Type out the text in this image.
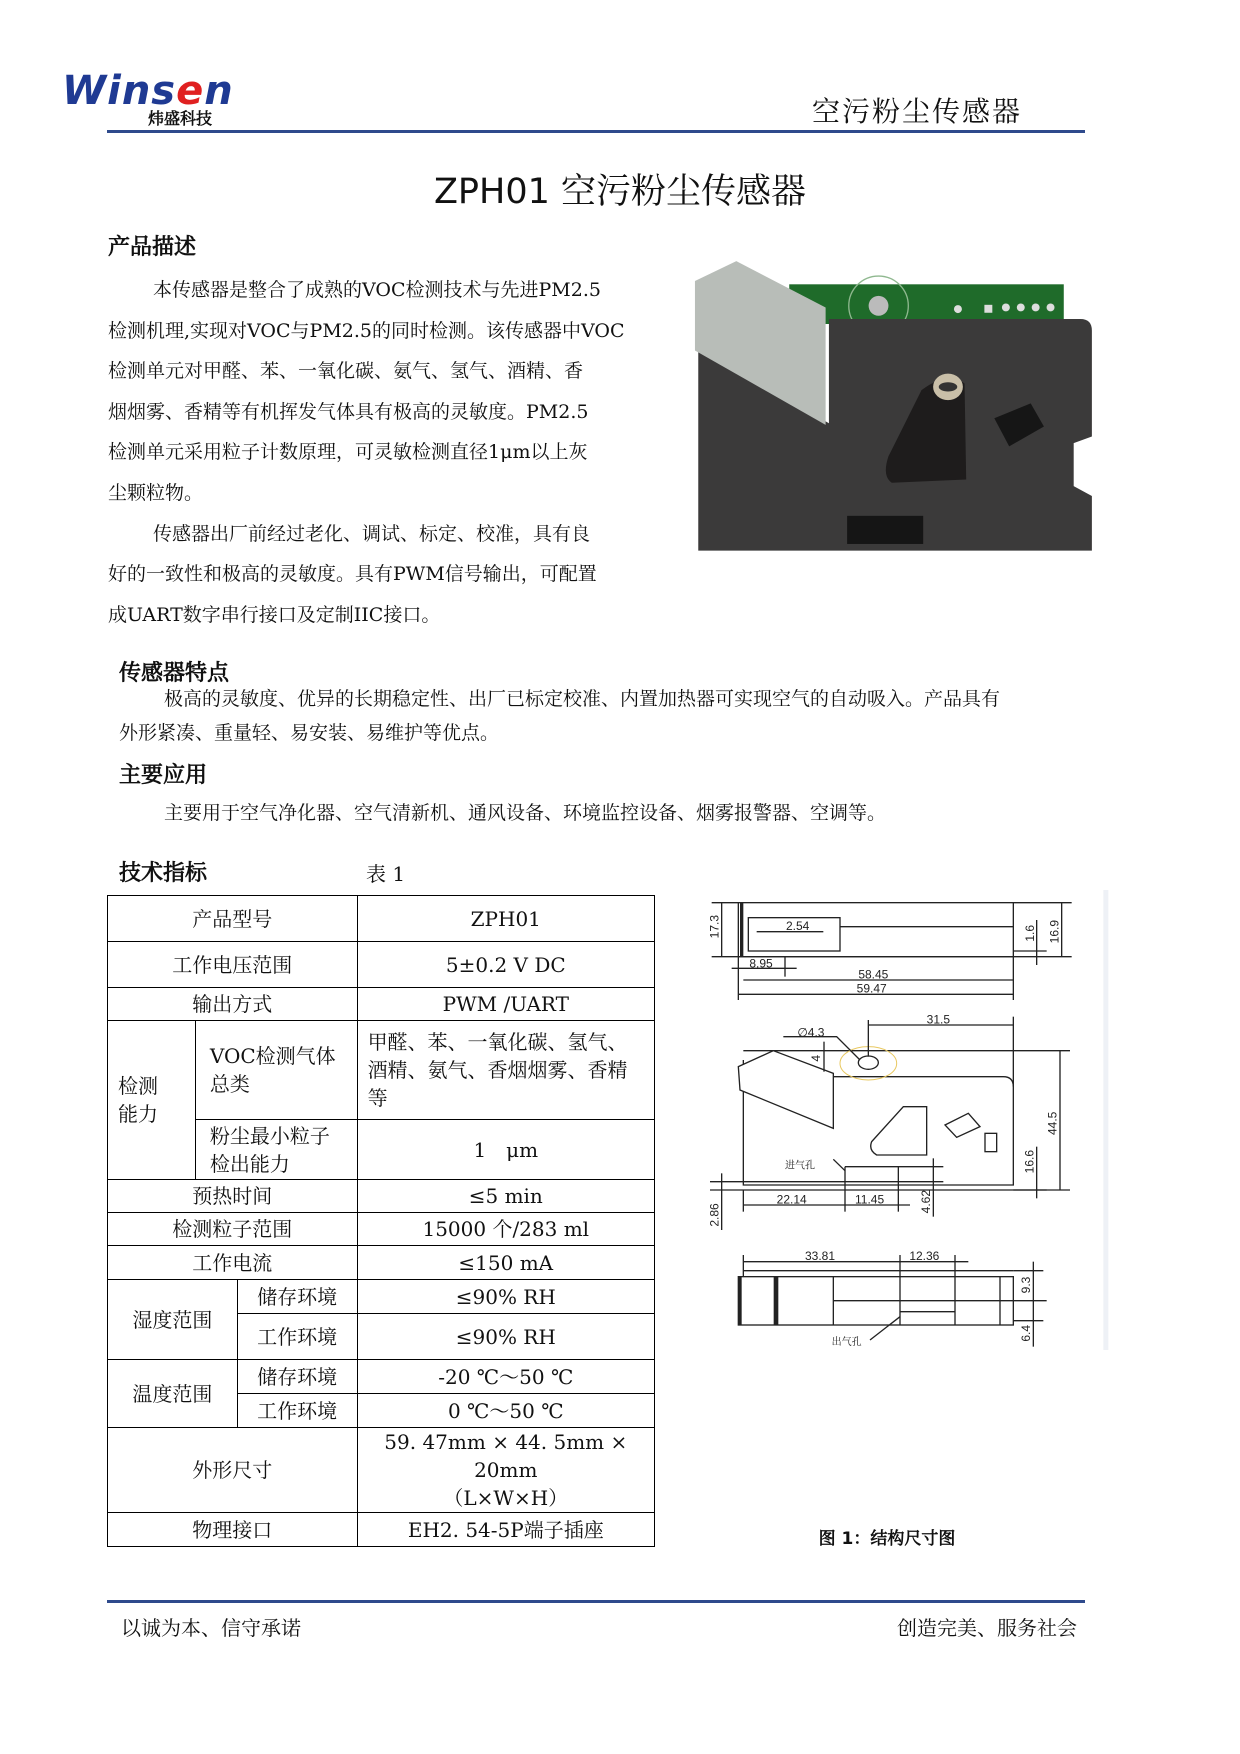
Winsen
炜盛科技	空污粉尘传感器
ZPH01 空污粉尘传感器
产品描述
本传感器是整合了成熟的VOC检测技术与先进PM2.5
检测机理,实现对VOC与PM2.5的同时检测。该传感器中VOC
检测单元对甲醛、苯、一氧化碳、氨气、氢气、酒精、香
烟烟雾、香精等有机挥发气体具有极高的灵敏度。PM2.5
检测单元采用粒子计数原理，可灵敏检测直径1μm以上灰
尘颗粒物。
传感器出厂前经过老化、调试、标定、校准，具有良
好的一致性和极高的灵敏度。具有PWM信号输出，可配置
成UART数字串行接口及定制IIC接口。
传感器特点
极高的灵敏度、优异的长期稳定性、出厂已标定校准、内置加热器可实现空气的自动吸入。产品具有
外形紧凑、重量轻、易安装、易维护等优点。
主要应用
主要用于空气净化器、空气清新机、通风设备、环境监控设备、烟雾报警器、空调等。
技术指标	表 1
产品型号			ZPH01
工作电压范围			5±0.2 V DC
输出方式			PWM /UART
检测能力	VOC检测气体总类		甲醛、苯、一氧化碳、氢气、酒精、氨气、香烟烟雾、香精等
	粉尘最小粒子检出能力		1　μm
预热时间			≤5 min
检测粒子范围			15000 个/283 ml
工作电流			≤150 mA
湿度范围		储存环境	≤90% RH
		工作环境	≤90% RH
温度范围		储存环境	-20 ℃～50 ℃
		工作环境	0 ℃～50 ℃
外形尺寸			59. 47mm × 44. 5mm × 20mm
（L×W×H）

物理接口			EH2. 54-5P端子插座
17.3 2.54	1.6 16.9
8.95
58.45
59.47
31.5
∅4.3
4
44.5
16.6
22.14 11.45 4.62
2.86
33.81 12.36
9.3
6.4
进气孔
出气孔
图 1：结构尺寸图
以诚为本、信守承诺	创造完美、服务社会
